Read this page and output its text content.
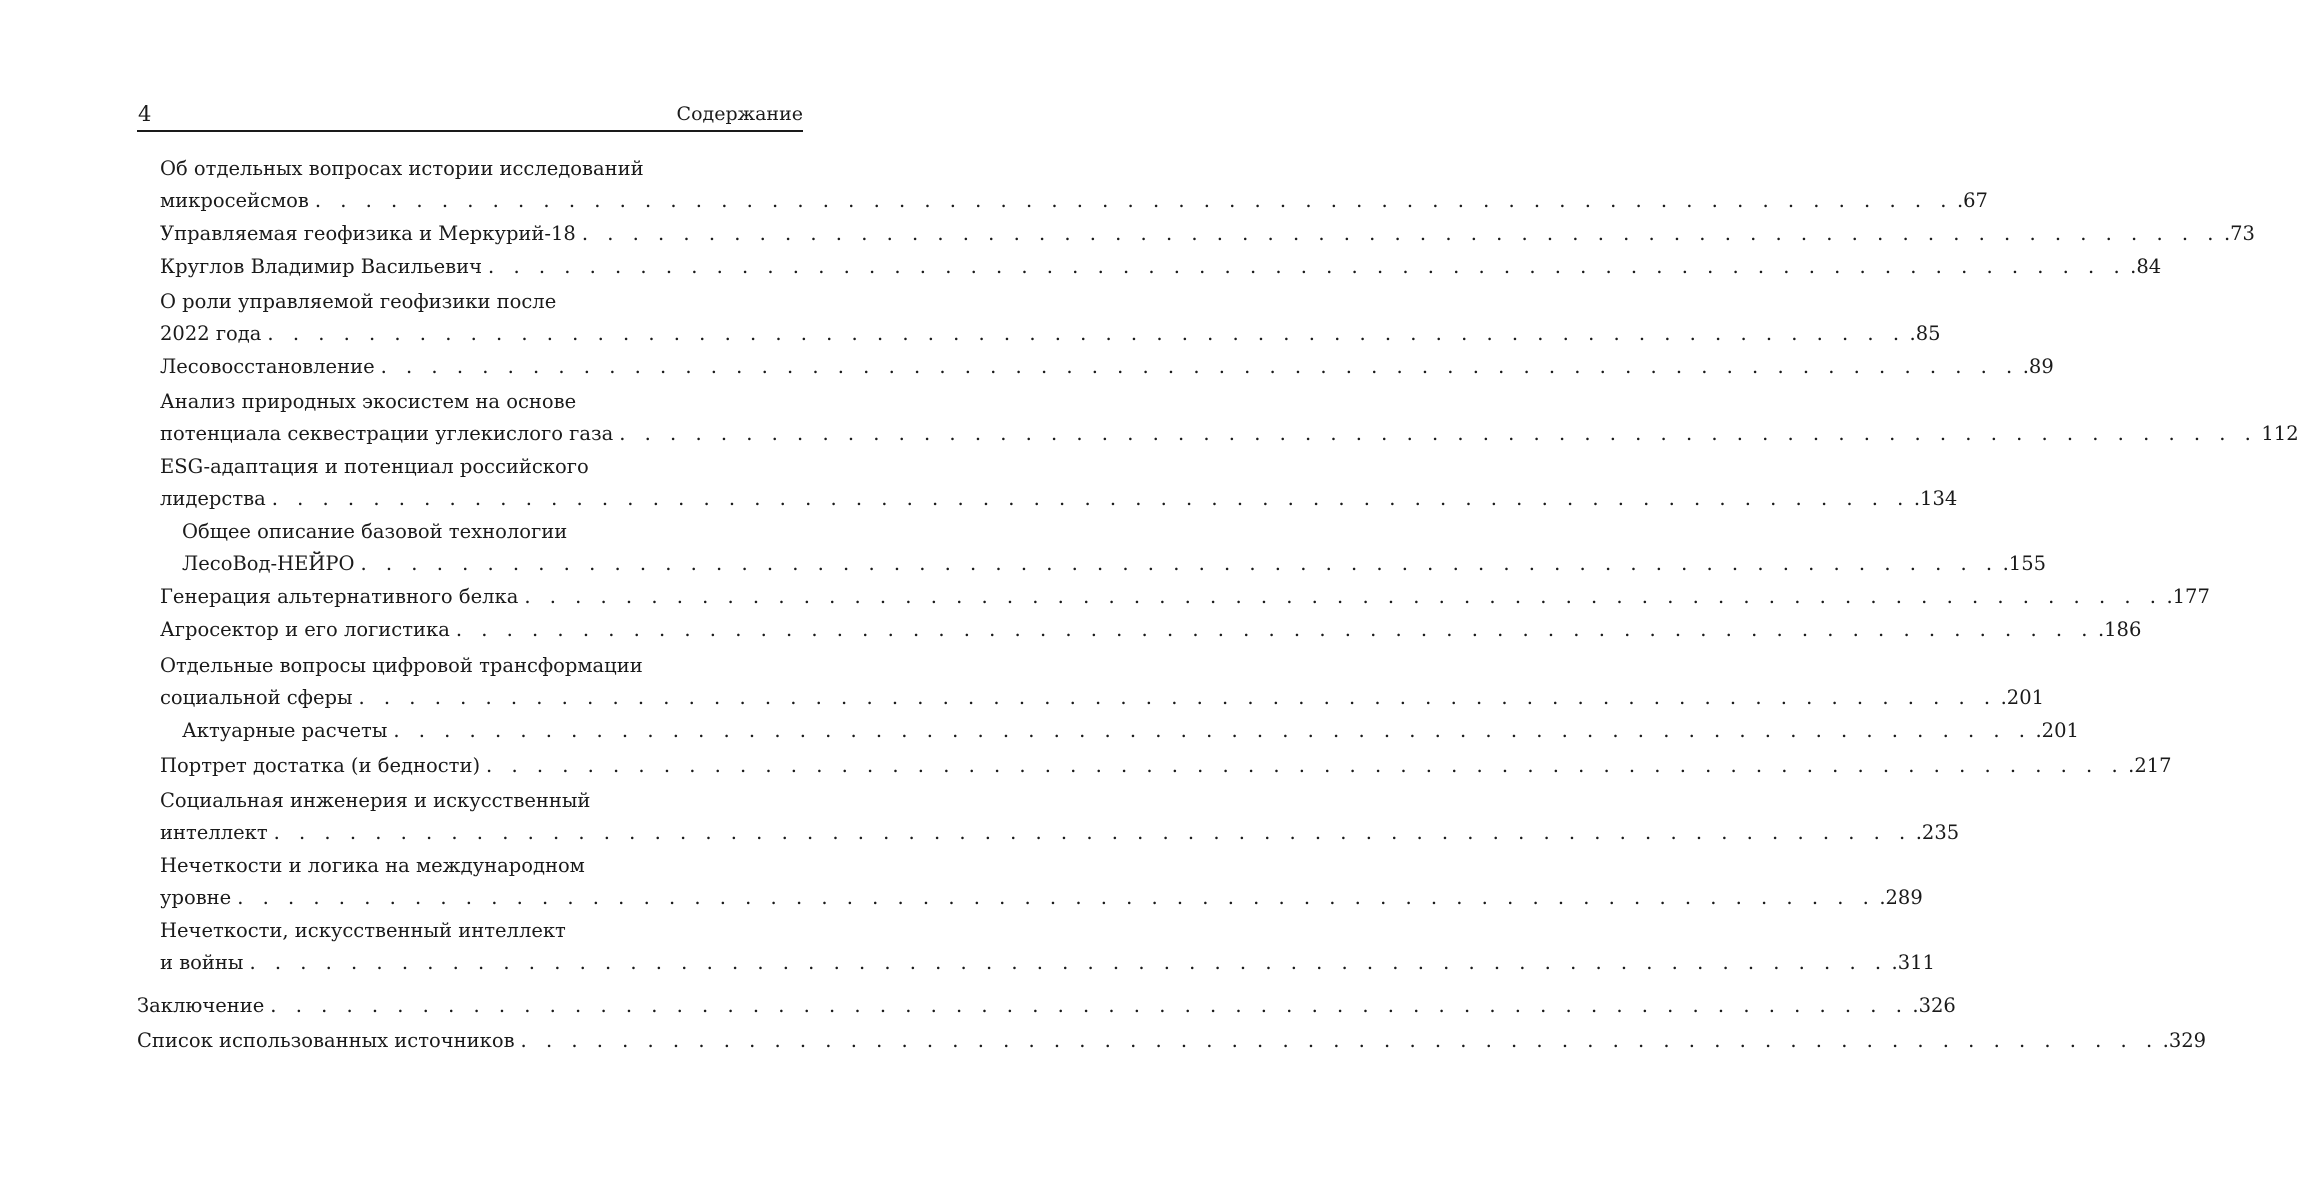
4	Содержание
Об отдельных вопросах истории исследований
микросейсмов . . . . . . . . . . . . . . . . . . . . . . . . . . . . . . . . . . . . . . . . . . . . . . . . . . . . . . . . . . . . . . . . . .67
Управляемая геофизика и Меркурий-18 . . . . . . . . . . . . . . . . . . . . . . . . . . . . . . . . . . . . . . . . . . . . . . . . . . . . . . . . . . . . . . . . . .73
Круглов Владимир Васильевич . . . . . . . . . . . . . . . . . . . . . . . . . . . . . . . . . . . . . . . . . . . . . . . . . . . . . . . . . . . . . . . . . .84
О роли управляемой геофизики после
2022 года . . . . . . . . . . . . . . . . . . . . . . . . . . . . . . . . . . . . . . . . . . . . . . . . . . . . . . . . . . . . . . . . . .85
Лесовосстановление . . . . . . . . . . . . . . . . . . . . . . . . . . . . . . . . . . . . . . . . . . . . . . . . . . . . . . . . . . . . . . . . . .89
Анализ природных экосистем на основе
потенциала секвестрации углекислого газа . . . . . . . . . . . . . . . . . . . . . . . . . . . . . . . . . . . . . . . . . . . . . . . . . . . . . . . . . . . . . . . . . 112
ESG-адаптация и потенциал российского
лидерства . . . . . . . . . . . . . . . . . . . . . . . . . . . . . . . . . . . . . . . . . . . . . . . . . . . . . . . . . . . . . . . . . .134
Общее описание базовой технологии
ЛесоВод-НЕЙРО . . . . . . . . . . . . . . . . . . . . . . . . . . . . . . . . . . . . . . . . . . . . . . . . . . . . . . . . . . . . . . . . . .155
Генерация альтернативного белка . . . . . . . . . . . . . . . . . . . . . . . . . . . . . . . . . . . . . . . . . . . . . . . . . . . . . . . . . . . . . . . . . .177
Агросектор и его логистика . . . . . . . . . . . . . . . . . . . . . . . . . . . . . . . . . . . . . . . . . . . . . . . . . . . . . . . . . . . . . . . . . .186
Отдельные вопросы цифровой трансформации
социальной сферы . . . . . . . . . . . . . . . . . . . . . . . . . . . . . . . . . . . . . . . . . . . . . . . . . . . . . . . . . . . . . . . . . .201
Актуарные расчеты . . . . . . . . . . . . . . . . . . . . . . . . . . . . . . . . . . . . . . . . . . . . . . . . . . . . . . . . . . . . . . . . . .201
Портрет достатка (и бедности) . . . . . . . . . . . . . . . . . . . . . . . . . . . . . . . . . . . . . . . . . . . . . . . . . . . . . . . . . . . . . . . . . .217
Социальная инженерия и искусственный
интеллект . . . . . . . . . . . . . . . . . . . . . . . . . . . . . . . . . . . . . . . . . . . . . . . . . . . . . . . . . . . . . . . . . .235
Нечеткости и логика на международном
уровне . . . . . . . . . . . . . . . . . . . . . . . . . . . . . . . . . . . . . . . . . . . . . . . . . . . . . . . . . . . . . . . . . .289
Нечеткости, искусственный интеллект
и войны . . . . . . . . . . . . . . . . . . . . . . . . . . . . . . . . . . . . . . . . . . . . . . . . . . . . . . . . . . . . . . . . . .311
Заключение . . . . . . . . . . . . . . . . . . . . . . . . . . . . . . . . . . . . . . . . . . . . . . . . . . . . . . . . . . . . . . . . . .326
Список использованных источников . . . . . . . . . . . . . . . . . . . . . . . . . . . . . . . . . . . . . . . . . . . . . . . . . . . . . . . . . . . . . . . . . .329
